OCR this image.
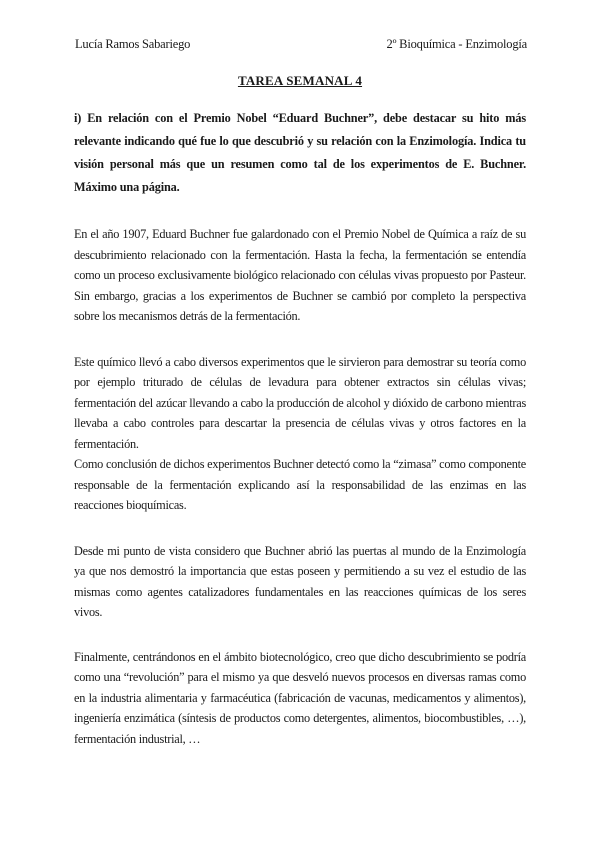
Lucía Ramos Sabariego	2º Bioquímica - Enzimología
TAREA SEMANAL 4

i) En relación con el Premio Nobel “Eduard Buchner”, debe destacar su hito más relevante indicando qué fue lo que descubrió y su relación con la Enzimología. Indica tu visión personal más que un resumen como tal de los experimentos de E. Buchner. Máximo una página.

En el año 1907, Eduard Buchner fue galardonado con el Premio Nobel de Química a raíz de su descubrimiento relacionado con la fermentación. Hasta la fecha, la fermentación se entendía como un proceso exclusivamente biológico relacionado con células vivas propuesto por Pasteur. Sin embargo, gracias a los experimentos de Buchner se cambió por completo la perspectiva sobre los mecanismos detrás de la fermentación.

Este químico llevó a cabo diversos experimentos que le sirvieron para demostrar su teoría como por ejemplo triturado de células de levadura para obtener extractos sin células vivas; fermentación del azúcar llevando a cabo la producción de alcohol y dióxido de carbono mientras llevaba a cabo controles para descartar la presencia de células vivas y otros factores en la fermentación.

Como conclusión de dichos experimentos Buchner detectó como la “zimasa” como componente responsable de la fermentación explicando así la responsabilidad de las enzimas en las reacciones bioquímicas.

Desde mi punto de vista considero que Buchner abrió las puertas al mundo de la Enzimología ya que nos demostró la importancia que estas poseen y permitiendo a su vez el estudio de las mismas como agentes catalizadores fundamentales en las reacciones químicas de los seres vivos.

Finalmente, centrándonos en el ámbito biotecnológico, creo que dicho descubrimiento se podría como una “revolución” para el mismo ya que desveló nuevos procesos en diversas ramas como en la industria alimentaria y farmacéutica (fabricación de vacunas, medicamentos y alimentos), ingeniería enzimática (síntesis de productos como detergentes, alimentos, biocombustibles, …), fermentación industrial, …
